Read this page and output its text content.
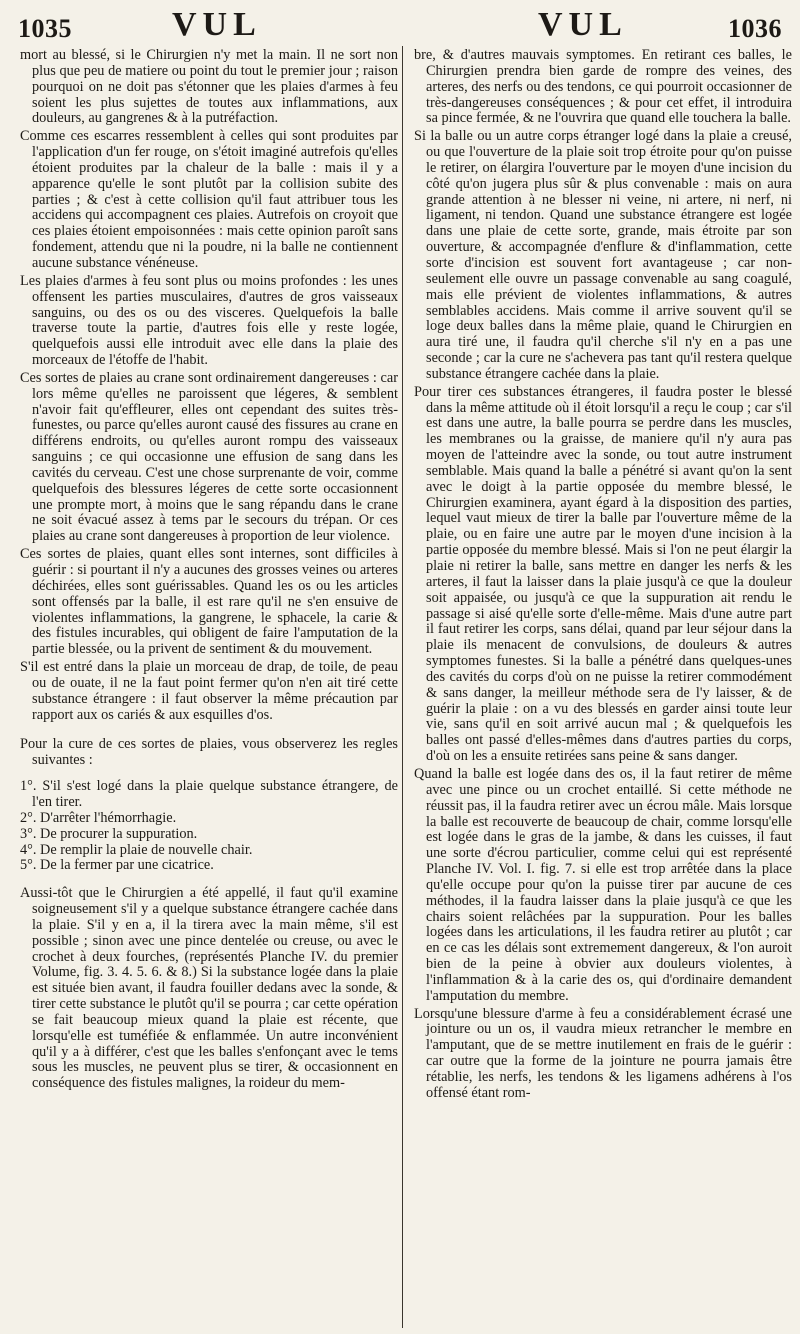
1035	VUL	VUL	1036

mort au blessé, si le Chirurgien n'y met la main. Il ne sort non plus que peu de matiere ou point du tout le premier jour ; raison pourquoi on ne doit pas s'étonner que les plaies d'armes à feu soient les plus sujettes de toutes aux inflammations, aux douleurs, au gangrenes & à la putréfaction.

Comme ces escarres ressemblent à celles qui sont produites par l'application d'un fer rouge, on s'étoit imaginé autrefois qu'elles étoient produites par la chaleur de la balle : mais il y a apparence qu'elle le sont plutôt par la collision subite des parties ; & c'est à cette collision qu'il faut attribuer tous les accidens qui accompagnent ces plaies. Autrefois on croyoit que ces plaies étoient empoisonnées : mais cette opinion paroît sans fondement, attendu que ni la poudre, ni la balle ne contiennent aucune substance vénéneuse.

Les plaies d'armes à feu sont plus ou moins profondes : les unes offensent les parties musculaires, d'autres de gros vaisseaux sanguins, ou des os ou des visceres. Quelquefois la balle traverse toute la partie, d'autres fois elle y reste logée, quelquefois aussi elle introduit avec elle dans la plaie des morceaux de l'étoffe de l'habit.

Ces sortes de plaies au crane sont ordinairement dangereuses : car lors même qu'elles ne paroissent que légeres, & semblent n'avoir fait qu'effleurer, elles ont cependant des suites très-funestes, ou parce qu'elles auront causé des fissures au crane en différens endroits, ou qu'elles auront rompu des vaisseaux sanguins ; ce qui occasionne une effusion de sang dans les cavités du cerveau. C'est une chose surprenante de voir, comme quelquefois des blessures légeres de cette sorte occasionnent une prompte mort, à moins que le sang répandu dans le crane ne soit évacué assez à tems par le secours du trépan. Or ces plaies au crane sont dangereuses à proportion de leur violence.

Ces sortes de plaies, quant elles sont internes, sont difficiles à guérir : si pourtant il n'y a aucunes des grosses veines ou arteres déchirées, elles sont guérissables. Quand les os ou les articles sont offensés par la balle, il est rare qu'il ne s'en ensuive de violentes inflammations, la gangrene, le sphacele, la carie & des fistules incurables, qui obligent de faire l'amputation de la partie blessée, ou la privent de sentiment & du mouvement.

S'il est entré dans la plaie un morceau de drap, de toile, de peau ou de ouate, il ne la faut point fermer qu'on n'en ait tiré cette substance étrangere : il faut observer la même précaution par rapport aux os cariés & aux esquilles d'os.

Pour la cure de ces sortes de plaies, vous observerez les regles suivantes :

1°. S'il s'est logé dans la plaie quelque substance étrangere, de l'en tirer.
2°. D'arrêter l'hémorrhagie.
3°. De procurer la suppuration.
4°. De remplir la plaie de nouvelle chair.
5°. De la fermer par une cicatrice.

Aussi-tôt que le Chirurgien a été appellé, il faut qu'il examine soigneusement s'il y a quelque substance étrangere cachée dans la plaie. S'il y en a, il la tirera avec la main même, s'il est possible ; sinon avec une pince dentelée ou creuse, ou avec le crochet à deux fourches, (représentés Planche IV. du premier Volume, fig. 3. 4. 5. 6. & 8.) Si la substance logée dans la plaie est située bien avant, il faudra fouiller dedans avec la sonde, & tirer cette substance le plutôt qu'il se pourra ; car cette opération se fait beaucoup mieux quand la plaie est récente, que lorsqu'elle est tuméfiée & enflammée. Un autre inconvénient qu'il y a à différer, c'est que les balles s'enfonçant avec le tems sous les muscles, ne peuvent plus se tirer, & occasionnent en conséquence des fistules malignes, la roideur du mem-

bre, & d'autres mauvais symptomes. En retirant ces balles, le Chirurgien prendra bien garde de rompre des veines, des arteres, des nerfs ou des tendons, ce qui pourroit occasionner de très-dangereuses conséquences ; & pour cet effet, il introduira sa pince fermée, & ne l'ouvrira que quand elle touchera la balle.

Si la balle ou un autre corps étranger logé dans la plaie a creusé, ou que l'ouverture de la plaie soit trop étroite pour qu'on puisse le retirer, on élargira l'ouverture par le moyen d'une incision du côté qu'on jugera plus sûr & plus convenable : mais on aura grande attention à ne blesser ni veine, ni artere, ni nerf, ni ligament, ni tendon. Quand une substance étrangere est logée dans une plaie de cette sorte, grande, mais étroite par son ouverture, & accompagnée d'enflure & d'inflammation, cette sorte d'incision est souvent fort avantageuse ; car non-seulement elle ouvre un passage convenable au sang coagulé, mais elle prévient de violentes inflammations, & autres semblables accidens. Mais comme il arrive souvent qu'il se loge deux balles dans la même plaie, quand le Chirurgien en aura tiré une, il faudra qu'il cherche s'il n'y en a pas une seconde ; car la cure ne s'achevera pas tant qu'il restera quelque substance étrangere cachée dans la plaie.

Pour tirer ces substances étrangeres, il faudra poster le blessé dans la même attitude où il étoit lorsqu'il a reçu le coup ; car s'il est dans une autre, la balle pourra se perdre dans les muscles, les membranes ou la graisse, de maniere qu'il n'y aura pas moyen de l'atteindre avec la sonde, ou tout autre instrument semblable. Mais quand la balle a pénétré si avant qu'on la sent avec le doigt à la partie opposée du membre blessé, le Chirurgien examinera, ayant égard à la disposition des parties, lequel vaut mieux de tirer la balle par l'ouverture même de la plaie, ou en faire une autre par le moyen d'une incision à la partie opposée du membre blessé. Mais si l'on ne peut élargir la plaie ni retirer la balle, sans mettre en danger les nerfs & les arteres, il faut la laisser dans la plaie jusqu'à ce que la douleur soit appaisée, ou jusqu'à ce que la suppuration ait rendu le passage si aisé qu'elle sorte d'elle-même. Mais d'une autre part il faut retirer les corps, sans délai, quand par leur séjour dans la plaie ils menacent de convulsions, de douleurs & autres symptomes funestes. Si la balle a pénétré dans quelques-unes des cavités du corps d'où on ne puisse la retirer commodément & sans danger, la meilleur méthode sera de l'y laisser, & de guérir la plaie : on a vu des blessés en garder ainsi toute leur vie, sans qu'il en soit arrivé aucun mal ; & quelquefois les balles ont passé d'elles-mêmes dans d'autres parties du corps, d'où on les a ensuite retirées sans peine & sans danger.

Quand la balle est logée dans des os, il la faut retirer de même avec une pince ou un crochet entaillé. Si cette méthode ne réussit pas, il la faudra retirer avec un écrou mâle. Mais lorsque la balle est recouverte de beaucoup de chair, comme lorsqu'elle est logée dans le gras de la jambe, & dans les cuisses, il faut une sorte d'écrou particulier, comme celui qui est représenté Planche IV. Vol. I. fig. 7. si elle est trop arrêtée dans la place qu'elle occupe pour qu'on la puisse tirer par aucune de ces méthodes, il la faudra laisser dans la plaie jusqu'à ce que les chairs soient relâchées par la suppuration. Pour les balles logées dans les articulations, il les faudra retirer au plutôt ; car en ce cas les délais sont extremement dangereux, & l'on auroit bien de la peine à obvier aux douleurs violentes, à l'inflammation & à la carie des os, qui d'ordinaire demandent l'amputation du membre.

Lorsqu'une blessure d'arme à feu a considérablement écrasé une jointure ou un os, il vaudra mieux retrancher le membre en l'amputant, que de se mettre inutilement en frais de le guérir : car outre que la forme de la jointure ne pourra jamais être rétablie, les nerfs, les tendons & les ligamens adhérens à l'os offensé étant rom-
